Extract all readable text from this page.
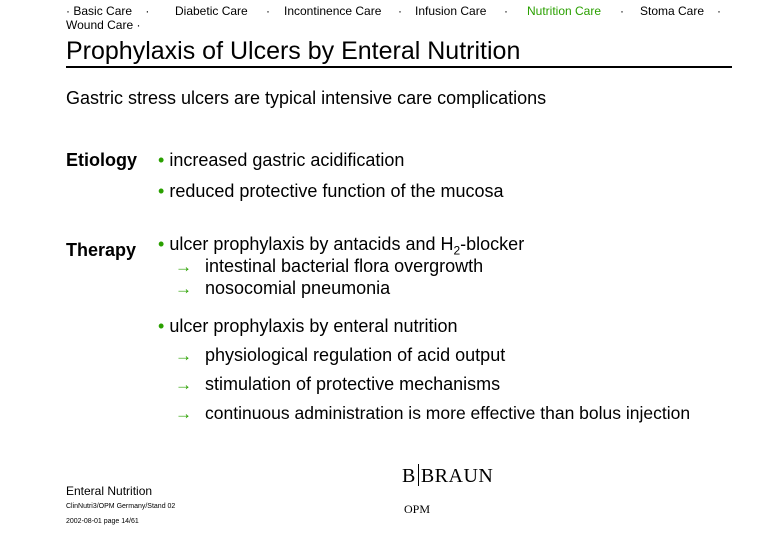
· Basic Care ·
Wound Care ·
Diabetic Care · Incontinence Care · Infusion Care · Nutrition Care · Stoma Care ·
Prophylaxis of Ulcers by Enteral Nutrition
Gastric stress ulcers are typical intensive care complications
Etiology • increased gastric acidification
• reduced protective function of the mucosa
Therapy • ulcer prophylaxis by antacids and $H_2$-blocker
→ intestinal bacterial flora overgrowth
→ nosocomial pneumonia
• ulcer prophylaxis by enteral nutrition
→ physiological regulation of acid output
→ stimulation of protective mechanisms
→ continuous administration is more effective than bolus injection
Enteral Nutrition
ClinNutri3/OPM Germany/Stand 02
2002-08-01 page 14/61
B BRAUN
OPM
